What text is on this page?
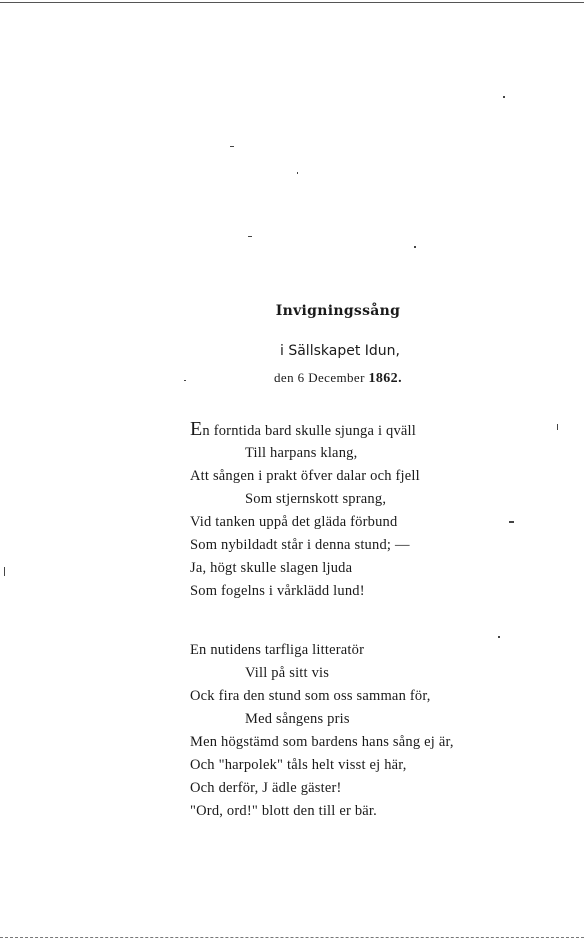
Invigningssång
i Sällskapet Idun,
den 6 December 1862.
En forntida bard skulle sjunga i qväll
Till harpans klang,
Att sången i prakt öfver dalar och fjell
Som stjernskott sprang,
Vid tanken uppå det gläda förbund
Som nybildadt står i denna stund; —
Ja, högt skulle slagen ljuda
Som fogelns i vårklädd lund!
En nutidens tarfliga litteratör
Vill på sitt vis
Ock fira den stund som oss samman för,
Med sångens pris
Men högstämd som bardens hans sång ej är,
Och "harpolek" tåls helt visst ej här,
Och derför, J ädle gäster!
"Ord, ord!" blott den till er bär.
